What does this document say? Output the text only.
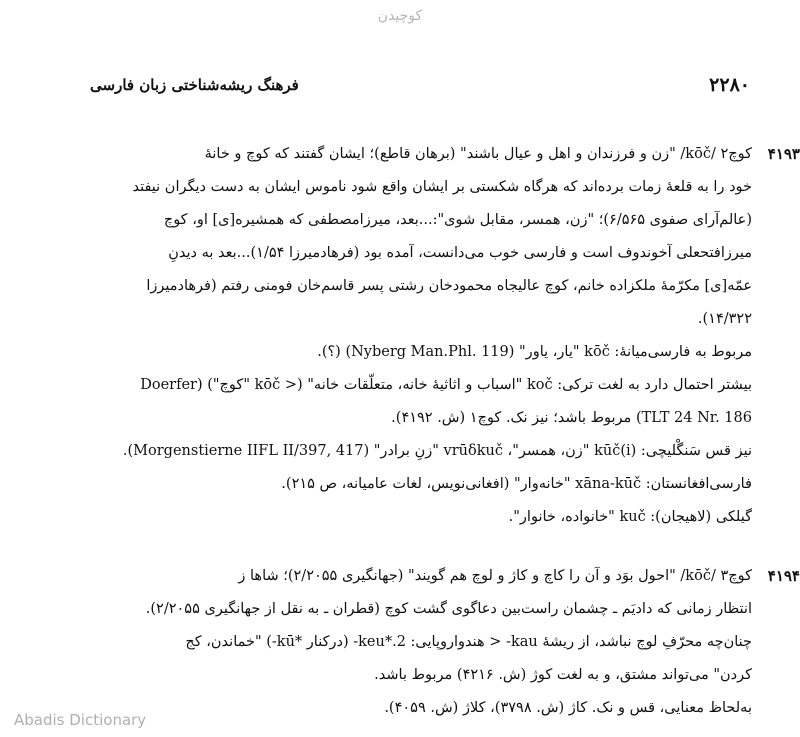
کوچیدن
۲۲۸۰
فرهنگ ریشه‌شناختی زبان فارسی
۴۱۹۳
کوچ۲ /kōč/ "زن و فرزندان و اهل و عیال باشند" (برهان قاطع)؛ ایشان گفتند که کوچ و خانهٔ
خود را به قلعهٔ زمات برده‌اند که هرگاه شکستی بر ایشان واقع شود ناموس ایشان به دست دیگران نیفتد
(عالم‌آرای صفوی ۶/۵۶۵)؛ "زن، همسر، مقابل شوی":...بعد، میرزامصطفی که همشیره[ی] او، کوچ
میرزافتحعلی آخوندوف است و فارسی خوب می‌دانست، آمده بود (فرهادمیرزا ۱/۵۴)...بعد به دیدنِ
عمّه[ی] مکرّمهٔ ملکزاده خانم، کوچ عالیجاه محمودخان رشتی پسر قاسم‌خان فومنی رفتم (فرهادمیرزا
۱۴/۳۲۲).
مربوط به فارسی‌میانهٔ: kōč "یار، یاور" (Nyberg Man.Phl. 119) (؟).
بیشتر احتمال دارد به لغت ترکی: koč "اسباب و اثاثیهٔ خانه، متعلّقات خانه" (< kōč "کوچ") (Doerfer
TLT 24 Nr. 186) مربوط باشد؛ نیز نک. کوچ۱ (ش. ۴۱۹۲).
نیز قس سَنگْلیچی: kūč(i) "زن، همسر"، vrūδkuč "زنِ برادر" (Morgenstierne IIFL II/397, 417).
فارسی‌افغانستان: xāna-kūč "خانه‌وار" (افغانی‌نویس، لغات عامیانه، ص ۲۱۵).
گیلکی (لاهیجان): kuč "خانواده، خانوار".
۴۱۹۴
کوچ۳ /kōč/ "احول بوَد و آن را کاچ و کاژ و لوچ هم گویند" (جهانگیری ۲/۲۰۵۵)؛ شاها ز
انتظار زمانی که دادیَم ـ چشمان راست‌بین دعاگوی گشت کوچ (قطران ـ به نقل از جهانگیری ۲/۲۰۵۵).
چنان‌چه محرّفِ لوچ نباشد، از ریشهٔ kau- < هندواروپایی: 2.*keu- (درکنار *kū-) "خماندن، کج
کردن" می‌تواند مشتق، و به لغت کوژ (ش. ۴۲۱۶) مربوط باشد.
به‌لحاظ معنایی، قس و نک. کاژ (ش. ۳۷۹۸)، کلاژ (ش. ۴۰۵۹).
Abadis Dictionary
